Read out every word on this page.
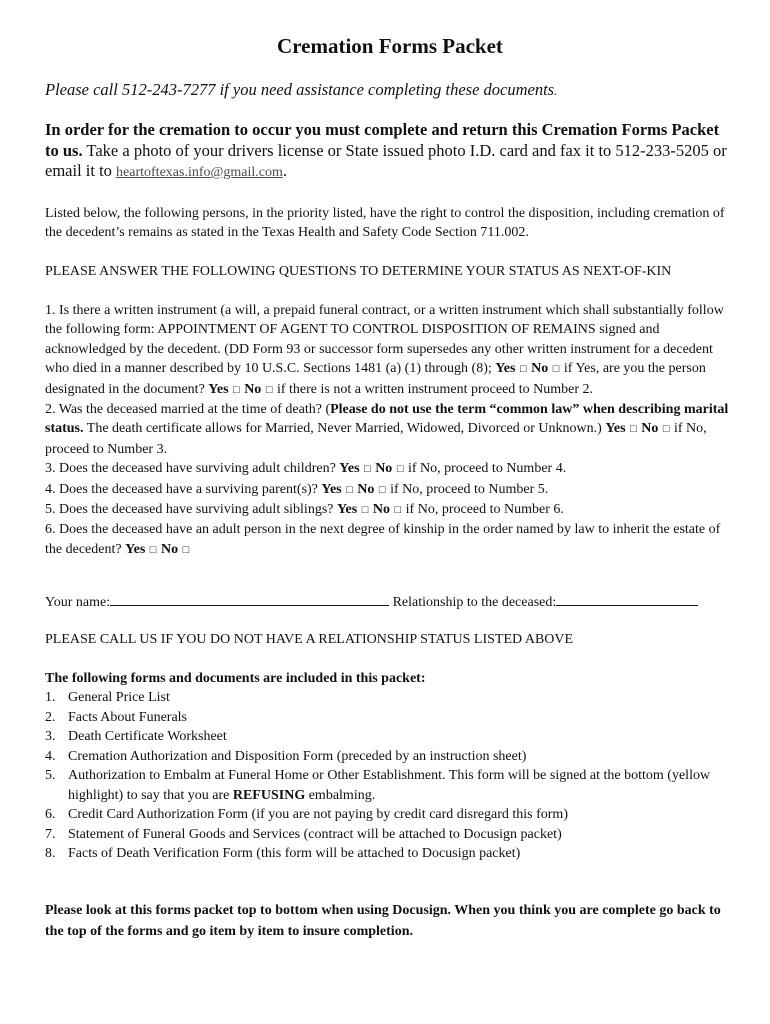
Cremation Forms Packet

Please call 512-243-7277 if you need assistance completing these documents.

In order for the cremation to occur you must complete and return this Cremation Forms Packet to us. Take a photo of your drivers license or State issued photo I.D. card and fax it to 512-233-5205 or email it to heartoftexas.info@gmail.com.

Listed below, the following persons, in the priority listed, have the right to control the disposition, including cremation of the decedent’s remains as stated in the Texas Health and Safety Code Section 711.002.

PLEASE ANSWER THE FOLLOWING QUESTIONS TO DETERMINE YOUR STATUS AS NEXT-OF-KIN

1. Is there a written instrument (a will, a prepaid funeral contract, or a written instrument which shall substantially follow the following form: APPOINTMENT OF AGENT TO CONTROL DISPOSITION OF REMAINS signed and acknowledged by the decedent. (DD Form 93 or successor form supersedes any other written instrument for a decedent who died in a manner described by 10 U.S.C. Sections 1481 (a) (1) through (8); Yes □ No □ if Yes, are you the person designated in the document? Yes □ No □ if there is not a written instrument proceed to Number 2.
2. Was the deceased married at the time of death? (Please do not use the term “common law” when describing marital status. The death certificate allows for Married, Never Married, Widowed, Divorced or Unknown.) Yes □ No □ if No, proceed to Number 3.
3. Does the deceased have surviving adult children? Yes □ No □ if No, proceed to Number 4.
4. Does the deceased have a surviving parent(s)? Yes □ No □ if No, proceed to Number 5.
5. Does the deceased have surviving adult siblings? Yes □ No □ if No, proceed to Number 6.
6. Does the deceased have an adult person in the next degree of kinship in the order named by law to inherit the estate of the decedent? Yes □ No □

Your name:	Relationship to the deceased:

PLEASE CALL US IF YOU DO NOT HAVE A RELATIONSHIP STATUS LISTED ABOVE

The following forms and documents are included in this packet:

1. General Price List
2. Facts About Funerals
3. Death Certificate Worksheet
4. Cremation Authorization and Disposition Form (preceded by an instruction sheet)
5. Authorization to Embalm at Funeral Home or Other Establishment. This form will be signed at the bottom (yellow highlight) to say that you are REFUSING embalming.
6. Credit Card Authorization Form (if you are not paying by credit card disregard this form)
7. Statement of Funeral Goods and Services (contract will be attached to Docusign packet)
8. Facts of Death Verification Form (this form will be attached to Docusign packet)

Please look at this forms packet top to bottom when using Docusign. When you think you are complete go back to the top of the forms and go item by item to insure completion.
